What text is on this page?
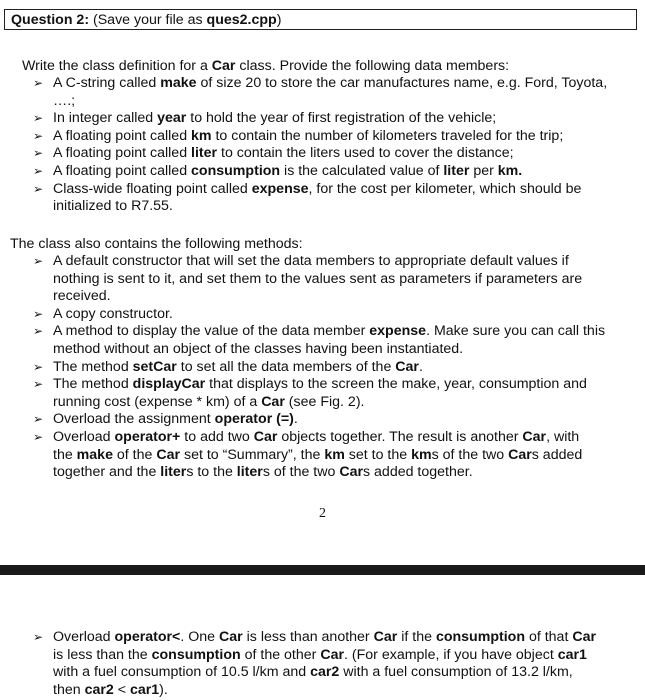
Question 2: (Save your file as ques2.cpp)
Write the class definition for a Car class. Provide the following data members:
➢ A C-string called make of size 20 to store the car manufactures name, e.g. Ford, Toyota,
….;
➢ In integer called year to hold the year of first registration of the vehicle;
➢ A floating point called km to contain the number of kilometers traveled for the trip;
➢ A floating point called liter to contain the liters used to cover the distance;
➢ A floating point called consumption is the calculated value of liter per km.
➢ Class-wide floating point called expense, for the cost per kilometer, which should be
initialized to R7.55.
The class also contains the following methods:
➢ A default constructor that will set the data members to appropriate default values if
nothing is sent to it, and set them to the values sent as parameters if parameters are
received.
➢ A copy constructor.
➢ A method to display the value of the data member expense. Make sure you can call this
method without an object of the classes having been instantiated.
➢ The method setCar to set all the data members of the Car.
➢ The method displayCar that displays to the screen the make, year, consumption and
running cost (expense * km) of a Car (see Fig. 2).
➢ Overload the assignment operator (=).
➢ Overload operator+ to add two Car objects together. The result is another Car, with
the make of the Car set to “Summary”, the km set to the kms of the two Cars added
together and the liters to the liters of the two Cars added together.
2
➢ Overload operator<. One Car is less than another Car if the consumption of that Car
is less than the consumption of the other Car. (For example, if you have object car1
with a fuel consumption of 10.5 l/km and car2 with a fuel consumption of 13.2 l/km,
then car2 < car1).
